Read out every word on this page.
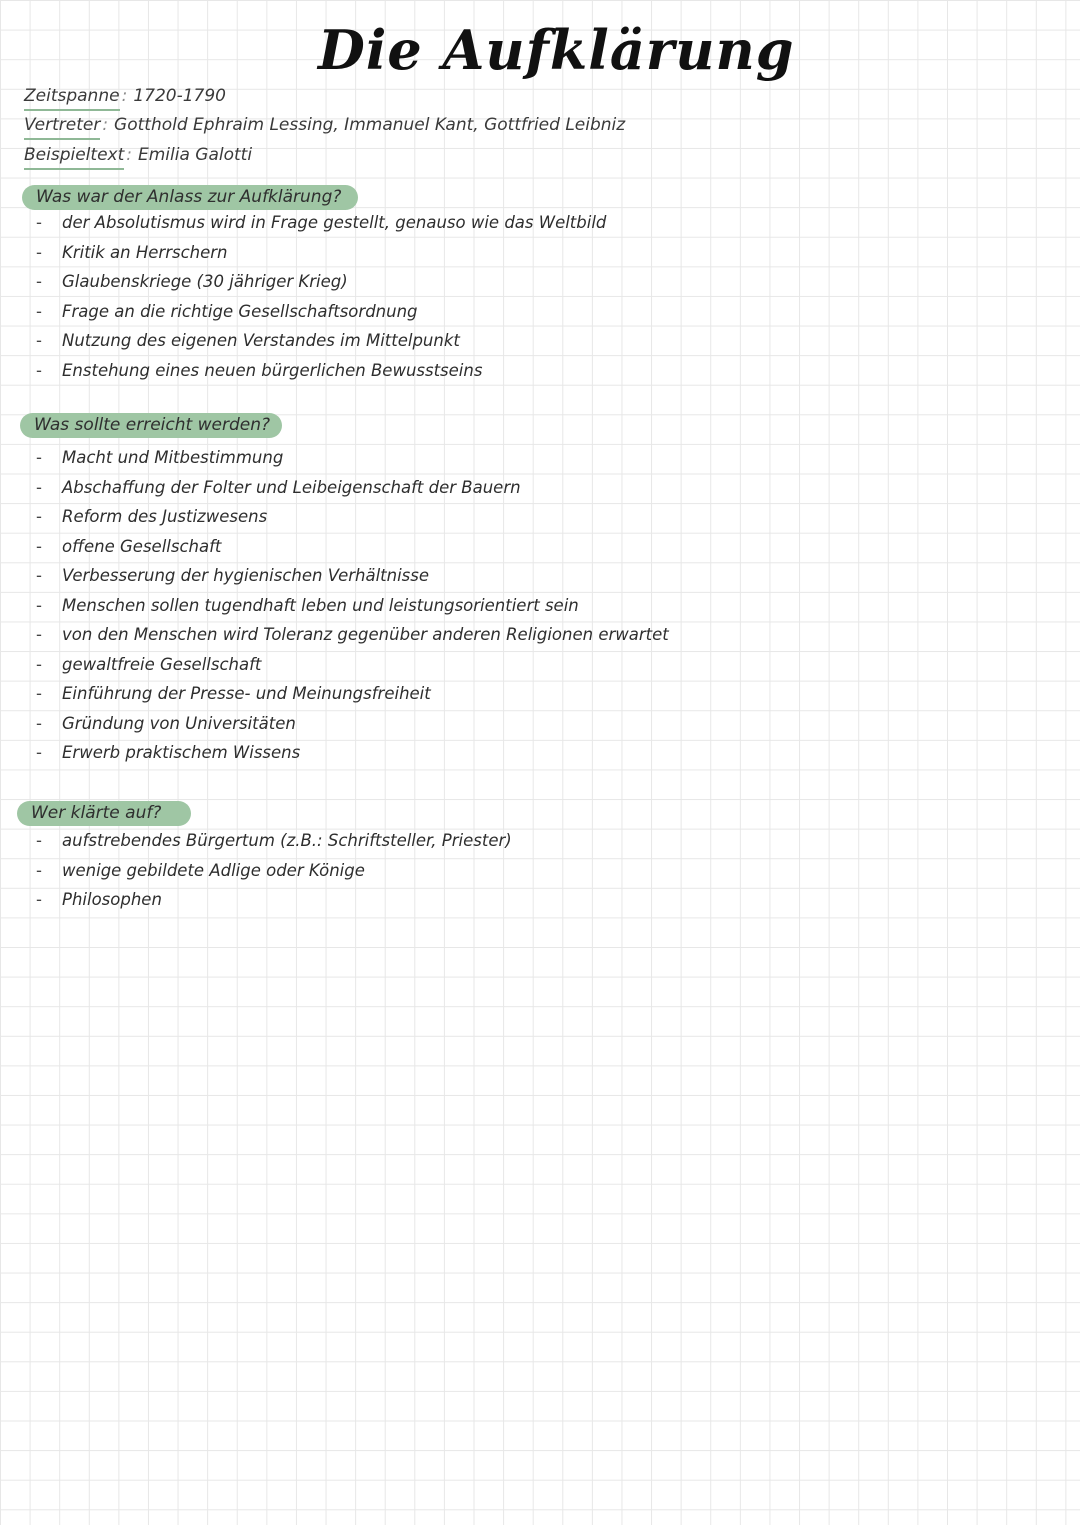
Die Aufklärung
Zeitspanne : 1720-1790
Vertreter : Gotthold Ephraim Lessing, Immanuel Kant, Gottfried Leibniz
Beispieltext : Emilia Galotti
Was war der Anlass zur Aufklärung?
- der Absolutismus wird in Frage gestellt, genauso wie das Weltbild
- Kritik an Herrschern
- Glaubenskriege (30 jähriger Krieg)
- Frage an die richtige Gesellschaftsordnung
- Nutzung des eigenen Verstandes im Mittelpunkt
- Enstehung eines neuen bürgerlichen Bewusstseins
Was sollte erreicht werden?
- Macht und Mitbestimmung
- Abschaffung der Folter und Leibeigenschaft der Bauern
- Reform des Justizwesens
- offene Gesellschaft
- Verbesserung der hygienischen Verhältnisse
- Menschen sollen tugendhaft leben und leistungsorientiert sein
- von den Menschen wird Toleranz gegenüber anderen Religionen erwartet
- gewaltfreie Gesellschaft
- Einführung der Presse- und Meinungsfreiheit
- Gründung von Universitäten
- Erwerb praktischem Wissens
Wer klärte auf?
- aufstrebendes Bürgertum (z.B.: Schriftsteller, Priester)
- wenige gebildete Adlige oder Könige
- Philosophen
